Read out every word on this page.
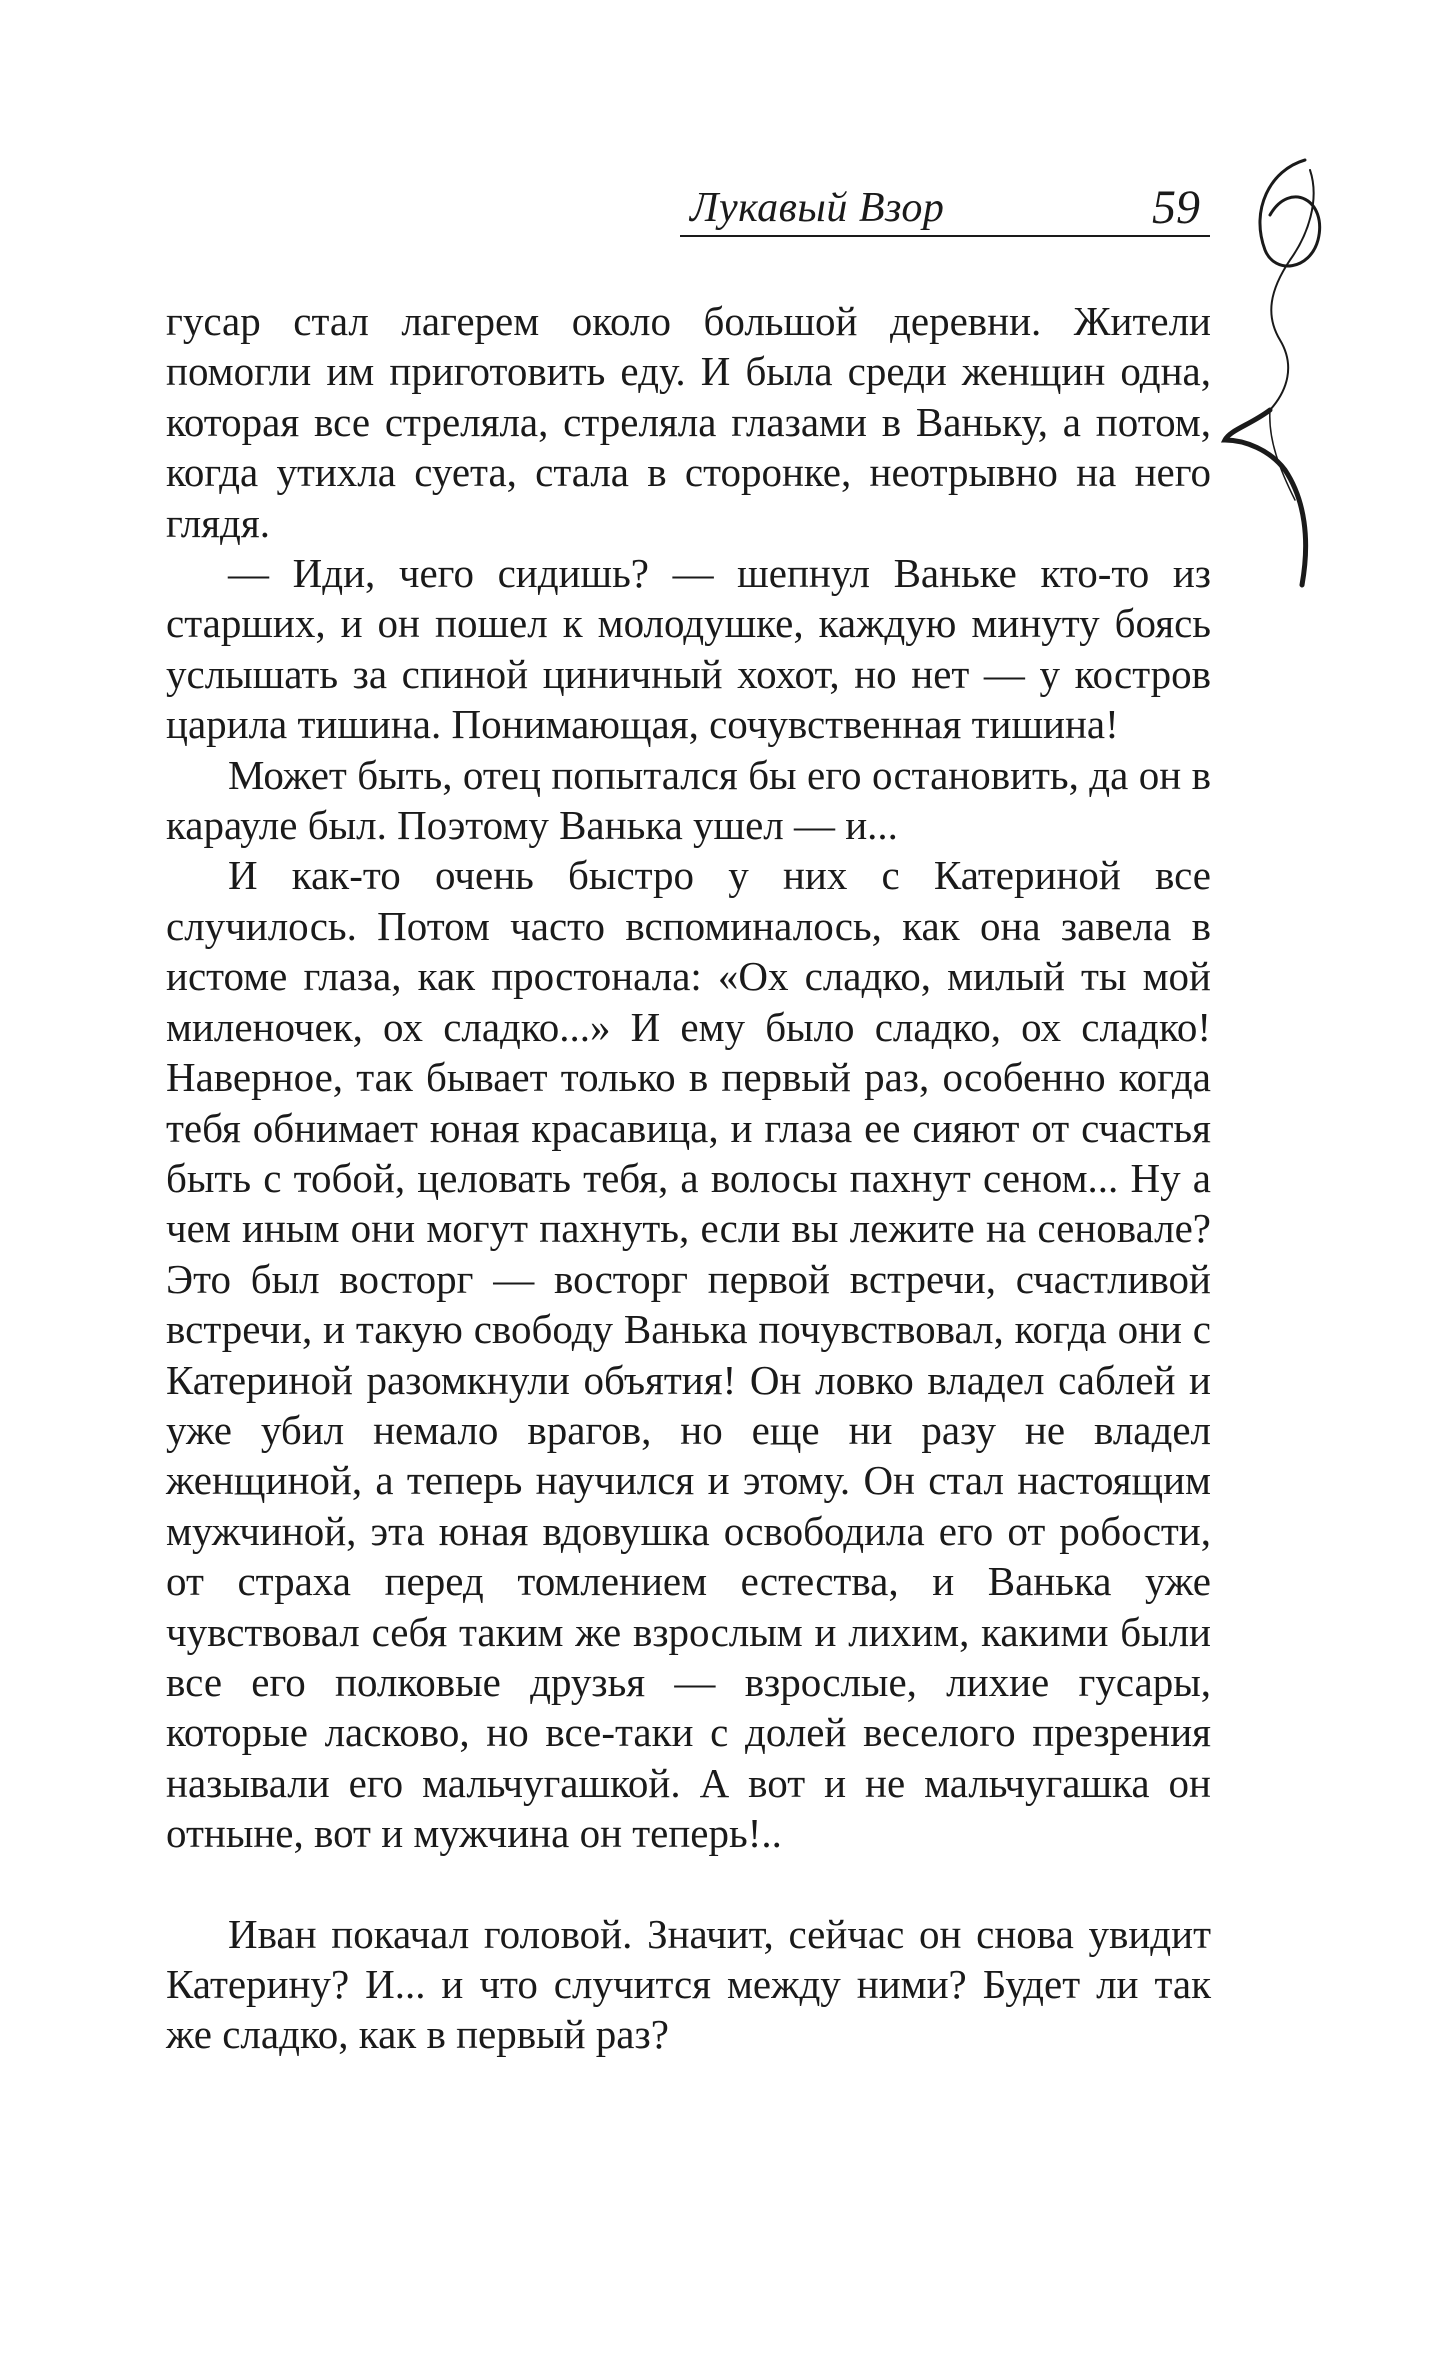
Лукавый Взор	59

гусар стал лагерем около большой деревни. Жители помогли им приготовить еду. И была среди женщин одна, которая все стреляла, стреляла глазами в Ваньку, а потом, когда утихла суета, стала в сторонке, неотрывно на него глядя.

— Иди, чего сидишь? — шепнул Ваньке кто-то из старших, и он пошел к молодушке, каждую минуту боясь услышать за спиной циничный хохот, но нет — у костров царила тишина. Понимающая, сочувственная тишина!

Может быть, отец попытался бы его остановить, да он в карауле был. Поэтому Ванька ушел — и...

И как-то очень быстро у них с Катериной все случилось. Потом часто вспоминалось, как она завела в истоме глаза, как простонала: «Ох сладко, милый ты мой миленочек, ох сладко...» И ему было сладко, ох сладко! Наверное, так бывает только в первый раз, особенно когда тебя обнимает юная красавица, и глаза ее сияют от счастья быть с тобой, целовать тебя, а волосы пахнут сеном... Ну а чем иным они могут пахнуть, если вы лежите на сеновале? Это был восторг — восторг первой встречи, счастливой встречи, и такую свободу Ванька почувствовал, когда они с Катериной разомкнули объятия! Он ловко владел саблей и уже убил немало врагов, но еще ни разу не владел женщиной, а теперь научился и этому. Он стал настоящим мужчиной, эта юная вдовушка освободила его от робости, от страха перед томлением естества, и Ванька уже чувствовал себя таким же взрослым и лихим, какими были все его полковые друзья — взрослые, лихие гусары, которые ласково, но все-таки с долей веселого презрения называли его мальчугашкой. А вот и не мальчугашка он отныне, вот и мужчина он теперь!..

Иван покачал головой. Значит, сейчас он снова увидит Катерину? И... и что случится между ними? Будет ли так же сладко, как в первый раз?
